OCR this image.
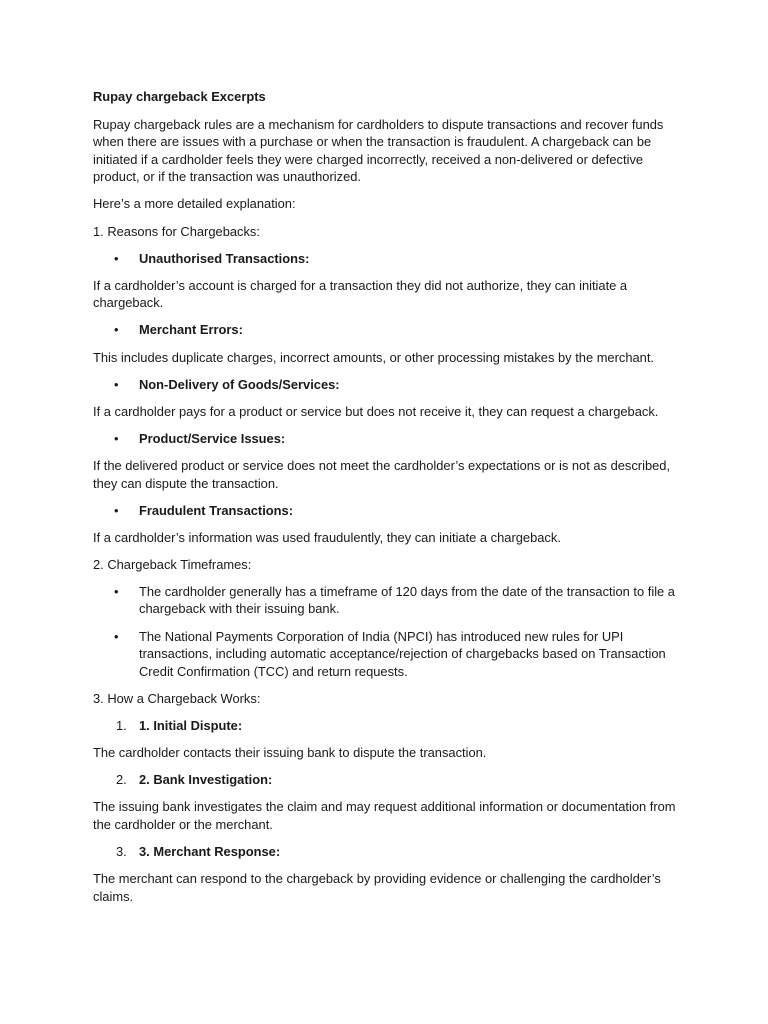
Rupay chargeback Excerpts

Rupay chargeback rules are a mechanism for cardholders to dispute transactions and recover funds when there are issues with a purchase or when the transaction is fraudulent. A chargeback can be initiated if a cardholder feels they were charged incorrectly, received a non-delivered or defective product, or if the transaction was unauthorized.

Here’s a more detailed explanation:

1. Reasons for Chargebacks:

• Unauthorised Transactions:

If a cardholder’s account is charged for a transaction they did not authorize, they can initiate a chargeback.

• Merchant Errors:

This includes duplicate charges, incorrect amounts, or other processing mistakes by the merchant.

• Non-Delivery of Goods/Services:

If a cardholder pays for a product or service but does not receive it, they can request a chargeback.

• Product/Service Issues:

If the delivered product or service does not meet the cardholder’s expectations or is not as described, they can dispute the transaction.

• Fraudulent Transactions:

If a cardholder’s information was used fraudulently, they can initiate a chargeback.

2. Chargeback Timeframes:

• The cardholder generally has a timeframe of 120 days from the date of the transaction to file a chargeback with their issuing bank.
• The National Payments Corporation of India (NPCI) has introduced new rules for UPI transactions, including automatic acceptance/rejection of chargebacks based on Transaction Credit Confirmation (TCC) and return requests.

3. How a Chargeback Works:

1. 1. Initial Dispute:

The cardholder contacts their issuing bank to dispute the transaction.

2. 2. Bank Investigation:

The issuing bank investigates the claim and may request additional information or documentation from the cardholder or the merchant.

3. 3. Merchant Response:

The merchant can respond to the chargeback by providing evidence or challenging the cardholder’s claims.
